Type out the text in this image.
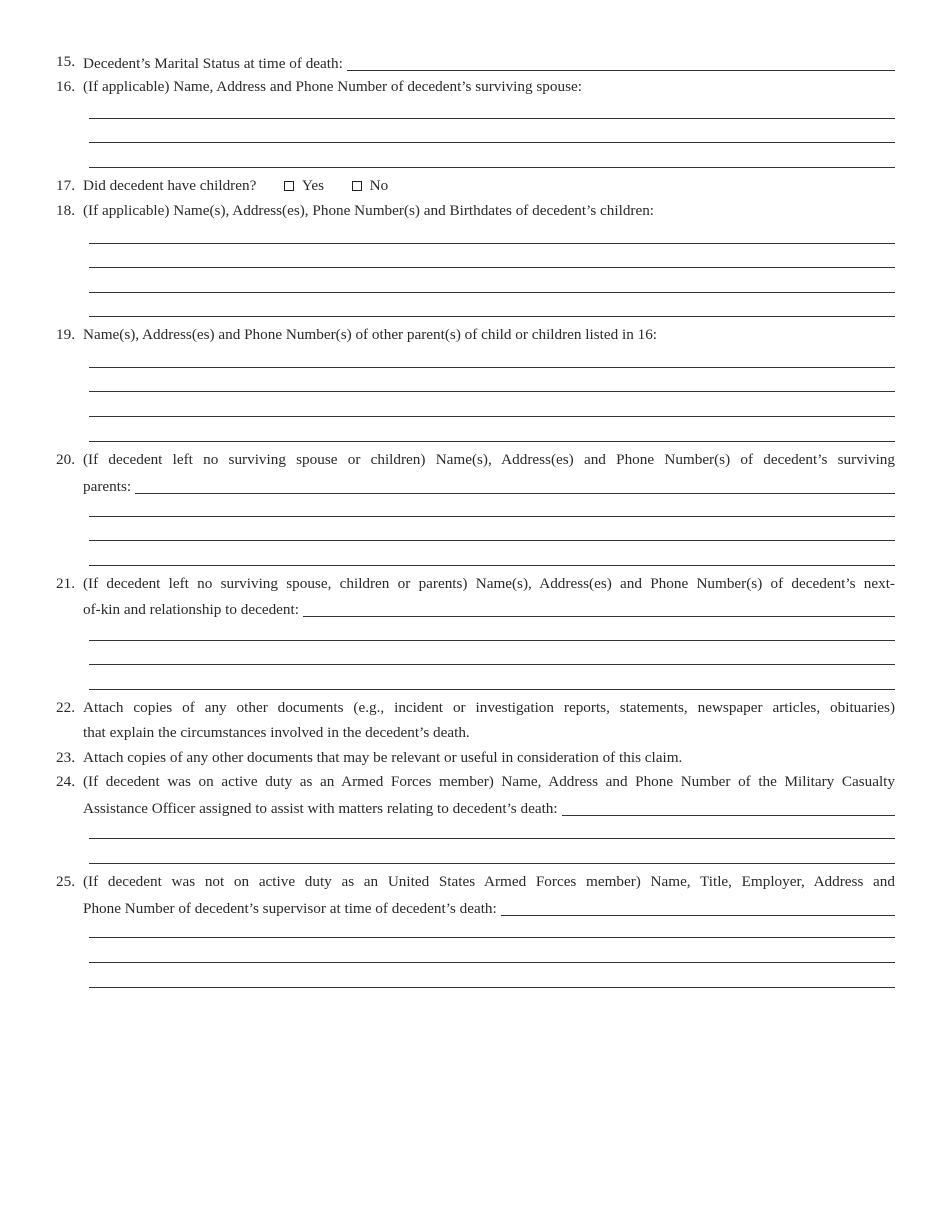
15. Decedent’s Marital Status at time of death:
16. (If applicable) Name, Address and Phone Number of decedent’s surviving spouse:
17. Did decedent have children?	Yes	No
18. (If applicable) Name(s), Address(es), Phone Number(s) and Birthdates of decedent’s children:
19. Name(s), Address(es) and Phone Number(s) of other parent(s) of child or children listed in 16:
20. (If decedent left no surviving spouse or children) Name(s), Address(es) and Phone Number(s) of decedent’s surviving
parents:
21. (If decedent left no surviving spouse, children or parents) Name(s), Address(es) and Phone Number(s) of decedent’s next-
of-kin and relationship to decedent:
22. Attach copies of any other documents (e.g., incident or investigation reports, statements, newspaper articles, obituaries)
that explain the circumstances involved in the decedent’s death.
23. Attach copies of any other documents that may be relevant or useful in consideration of this claim.
24. (If decedent was on active duty as an Armed Forces member) Name, Address and Phone Number of the Military Casualty
Assistance Officer assigned to assist with matters relating to decedent’s death:
25. (If decedent was not on active duty as an United States Armed Forces member) Name, Title, Employer, Address and
Phone Number of decedent’s supervisor at time of decedent’s death:
